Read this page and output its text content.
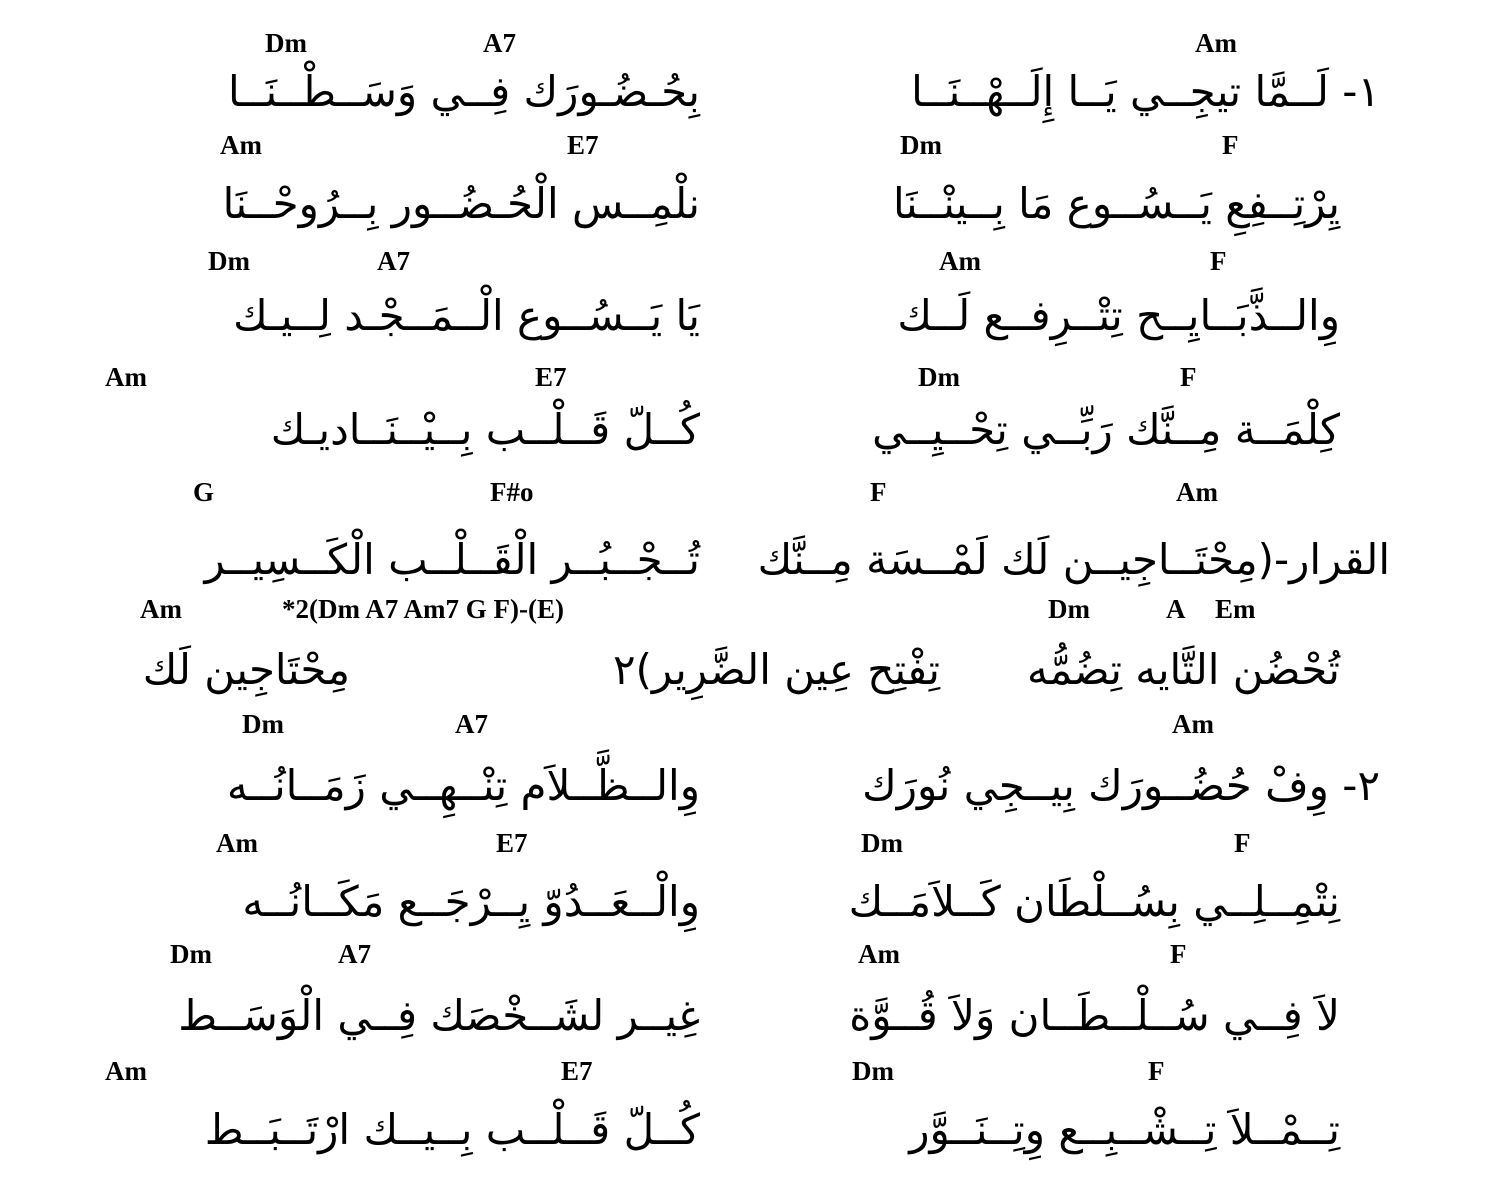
Dm	A7	Am
بِحُـضُـورَك فِــي وَسَــطْــنَــا	١- لَــمَّا تيجِــي يَــا إِلَــهْــنَــا
Am	E7	Dm	F
نلْمِــس الْحُـضُــور بِــرُوحْــنَا	يِرْتِــفِعِ يَــسُــوع مَا بِــينْــنَا
Dm	A7	Am	F
يَا يَــسُــوع الْــمَــجْـد لِــيـك	وِالــذَّبَــايِــح تِتْــرِفــع لَــك
Am	E7	Dm	F
كُــلّ قَــلْــب بِــيْــنَــاديـك	كِلْمَــة مِــنَّك رَبِّــي تِحْــيِــي
G	F#o	F	Am
تُــجْــبُــر الْقَــلْــب الْكَــسِيــر القرار-(مِحْتَــاجِيــن لَك لَمْــسَة مِــنَّك
Am	*2(Dm A7 Am7 G F)-(E)	Dm	A Em
مِحْتَاجِين لَك	تِفْتِح عِين الضَّرِير)٢	تُحْضُن التَّايه تِضُمُّه
Dm	A7	Am
وِالــظَّــلاَم تِنْــهِــي زَمَــانُــه	٢- وِفْ حُضُــورَك بِيــجِي نُورَك
Am	E7	Dm	F
وِالْــعَــدُوّ يِــرْجَــع مَكَــانُــه	نِتْمِــلِــي بِسُــلْطَان كَــلاَمَــك
Dm	A7	Am	F
غِيــر لشَــخْصَك فِــي الْوَسَــط	لاَ فِــي سُــلْــطَــان وَلاَ قُــوَّة
Am	E7	Dm	F
كُــلّ قَــلْــب بِــيــك ارْتَــبَــط	تِــمْــلاَ تِــشْــبِــع وِتِــنَــوَّر
